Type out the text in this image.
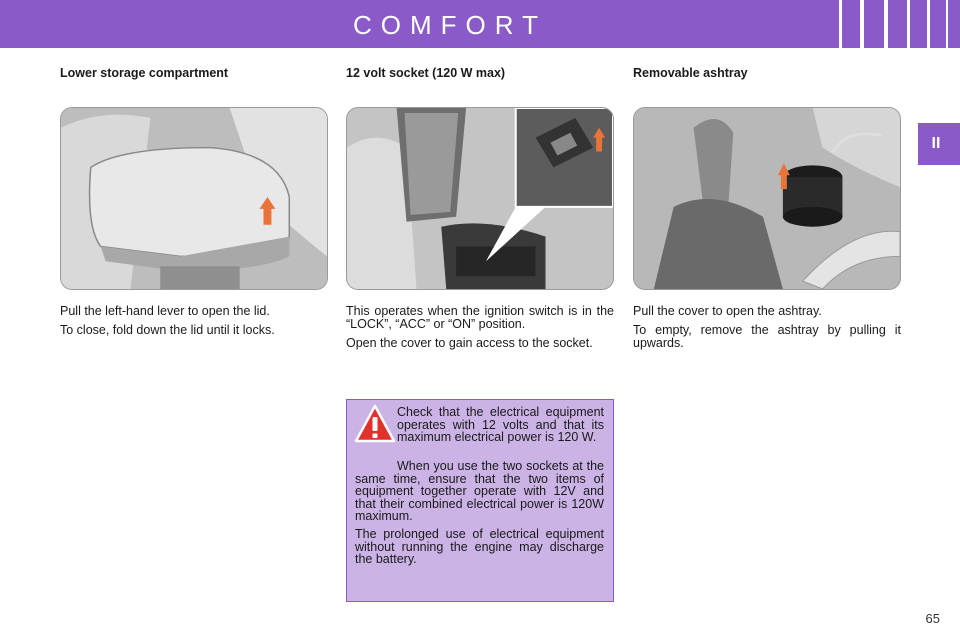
COMFORT
II
Lower storage compartment

Pull the left-hand lever to open the lid.

To close, fold down the lid until it locks.

12 volt socket (120 W max)

This operates when the ignition switch is in the “LOCK”, “ACC” or “ON” position.

Open the cover to gain access to the socket.

Removable ashtray

Pull the cover to open the ashtray.

To empty, remove the ashtray by pulling it upwards.

Check that the electrical equipment operates with 12 volts and that its maximum electrical power is 120 W.

When you use the two sockets at the same time, ensure that the two items of equipment together operate with 12V and that their combined electrical power is 120W maximum.

The prolonged use of electrical equipment without running the engine may discharge the battery.

65
